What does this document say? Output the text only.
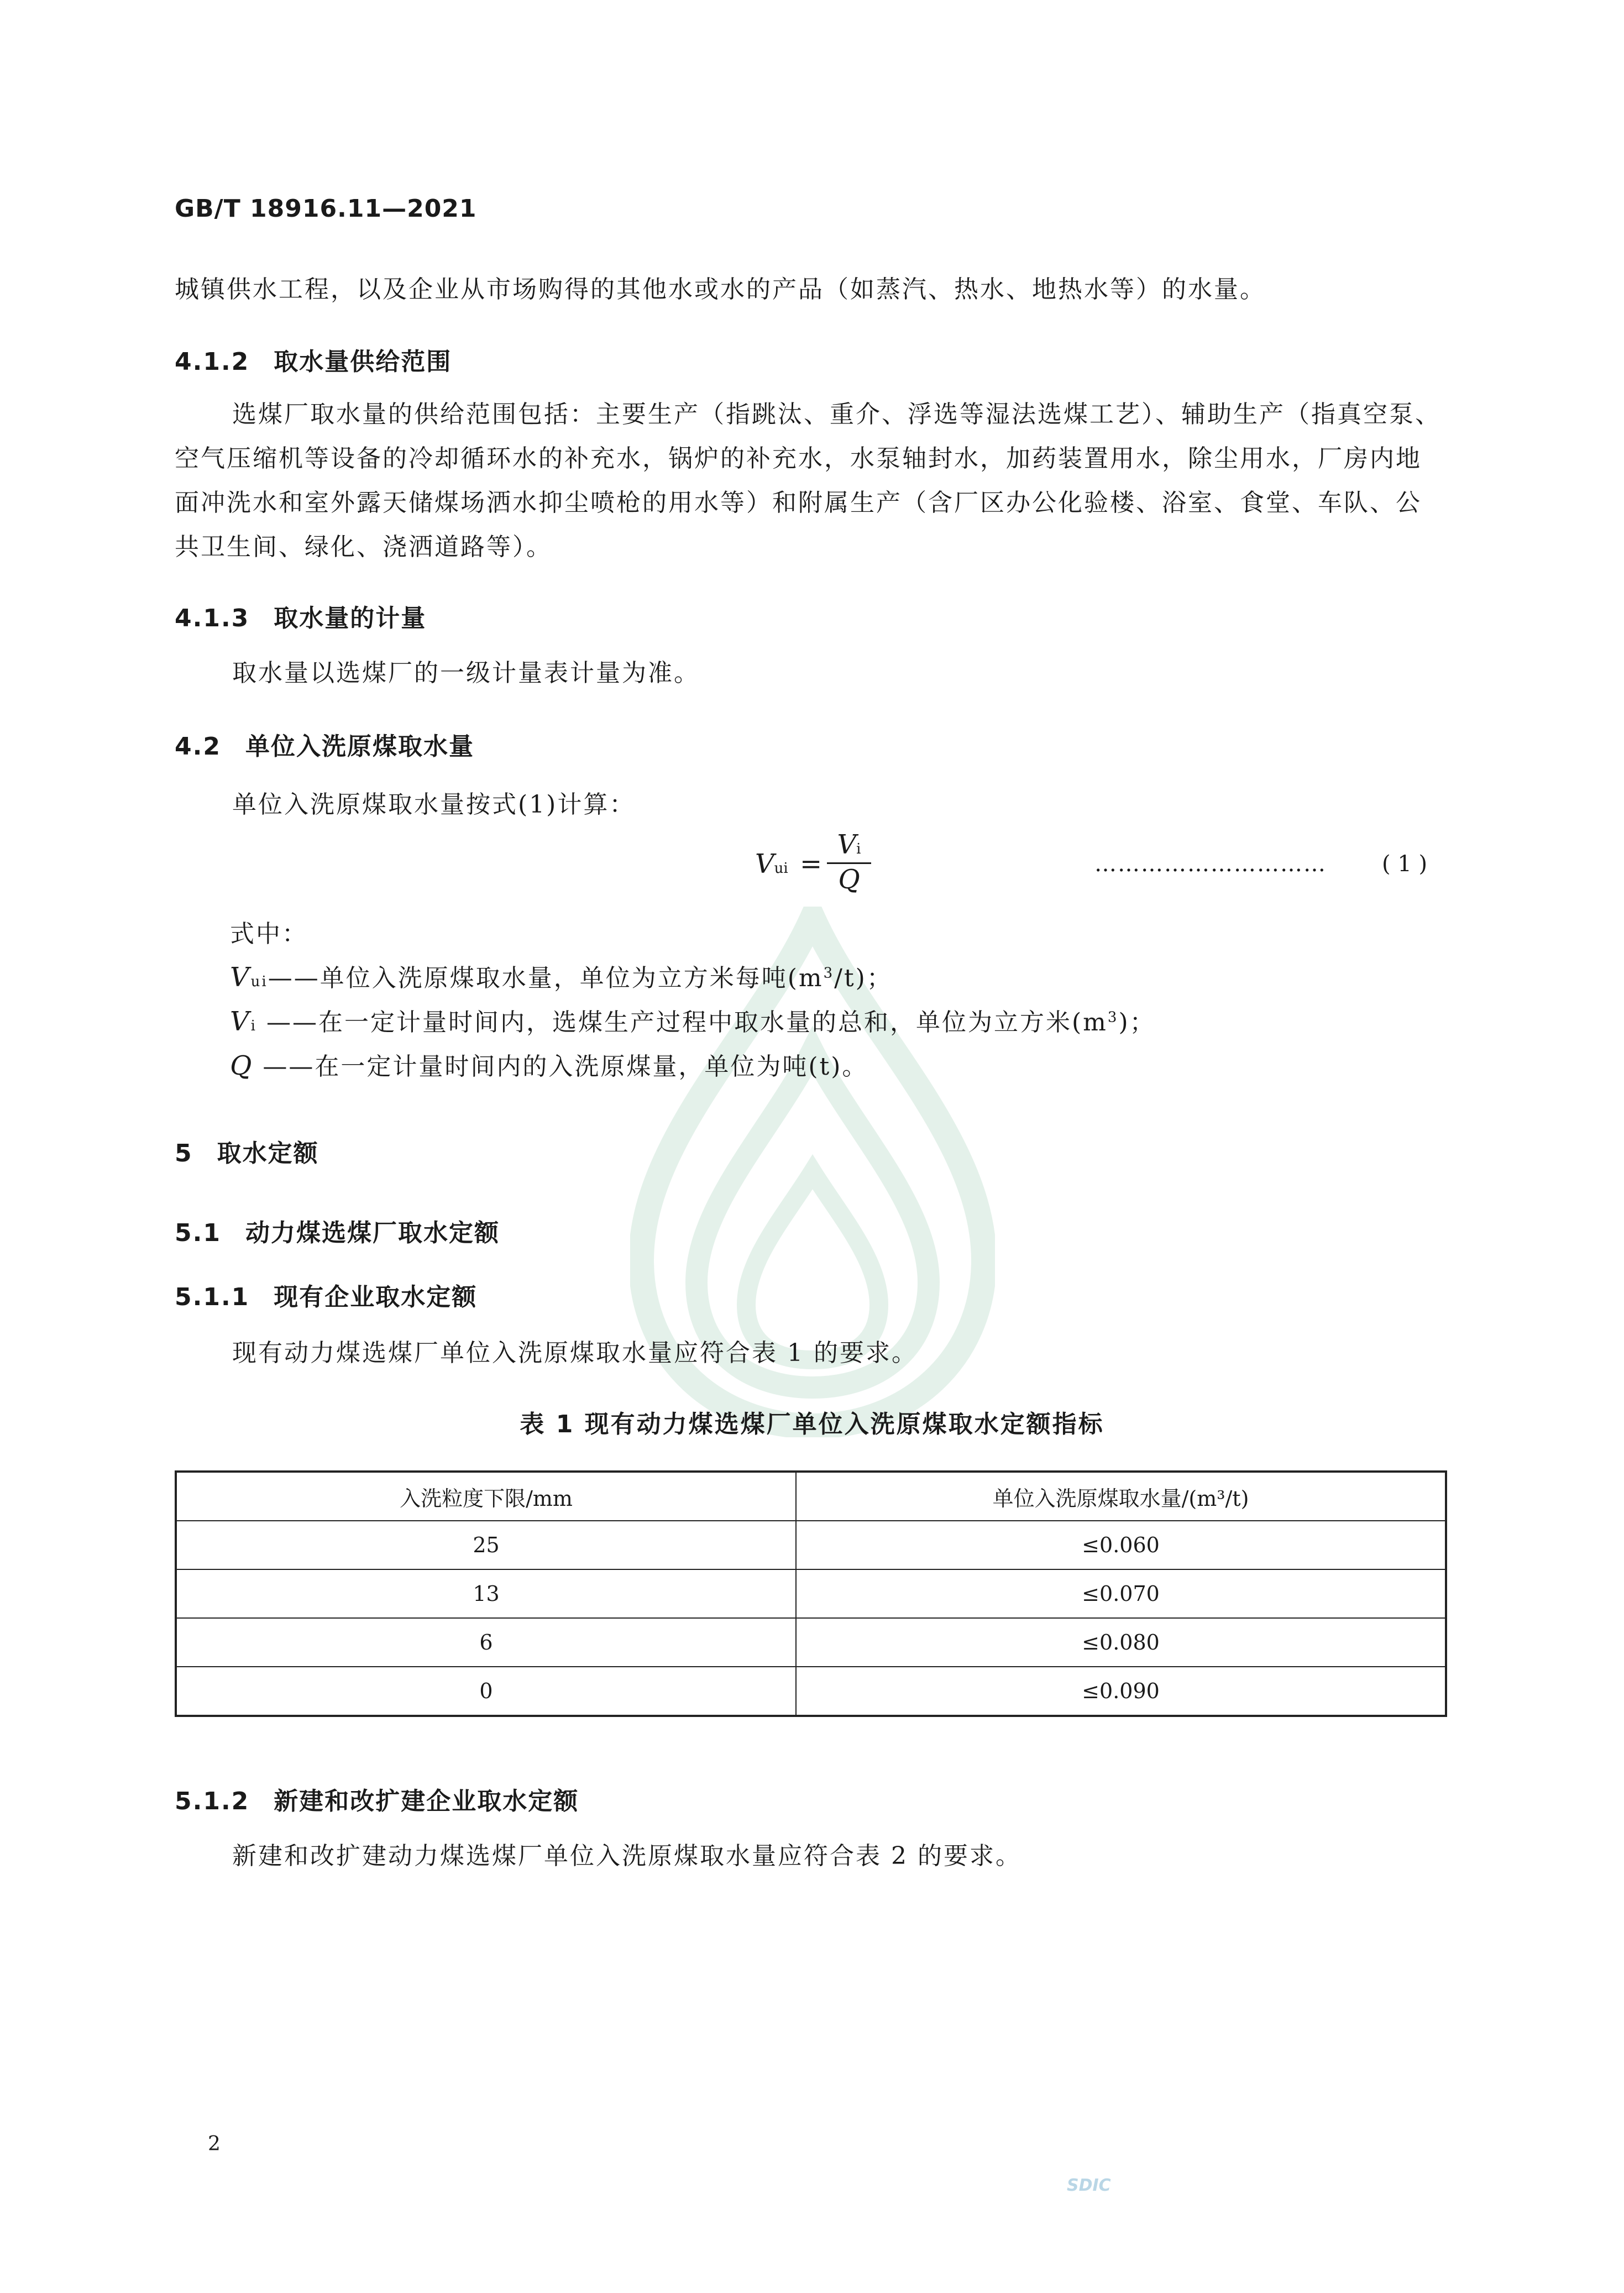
GB/T 18916.11—2021
城镇供水工程，以及企业从市场购得的其他水或水的产品（如蒸汽、热水、地热水等）的水量。
4.1.2 取水量供给范围
选煤厂取水量的供给范围包括：主要生产（指跳汰、重介、浮选等湿法选煤工艺）、辅助生产（指真空泵、空气压缩机等设备的冷却循环水的补充水，锅炉的补充水，水泵轴封水，加药装置用水，除尘用水，厂房内地面冲洗水和室外露天储煤场洒水抑尘喷枪的用水等）和附属生产（含厂区办公化验楼、浴室、食堂、车队、公共卫生间、绿化、浇洒道路等）。
4.1.3 取水量的计量
取水量以选煤厂的一级计量表计量为准。
4.2 单位入洗原煤取水量
单位入洗原煤取水量按式(1)计算：
Vui =
Vi
Q	…………………………	( 1 )
式中：
Vui——单位入洗原煤取水量，单位为立方米每吨$(m^3/t)$；
Vi ——在一定计量时间内，选煤生产过程中取水量的总和，单位为立方米$(m^3)$；
Q ——在一定计量时间内的入洗原煤量，单位为吨(t)。
5 取水定额
5.1 动力煤选煤厂取水定额
5.1.1 现有企业取水定额
现有动力煤选煤厂单位入洗原煤取水量应符合表 1 的要求。
表 1 现有动力煤选煤厂单位入洗原煤取水定额指标
入洗粒度下限/mm	单位入洗原煤取水量/(m³/t)
25	≤0.060
13	≤0.070
6	≤0.080
0	≤0.090
5.1.2 新建和改扩建企业取水定额
新建和改扩建动力煤选煤厂单位入洗原煤取水量应符合表 2 的要求。
2
SDIC
